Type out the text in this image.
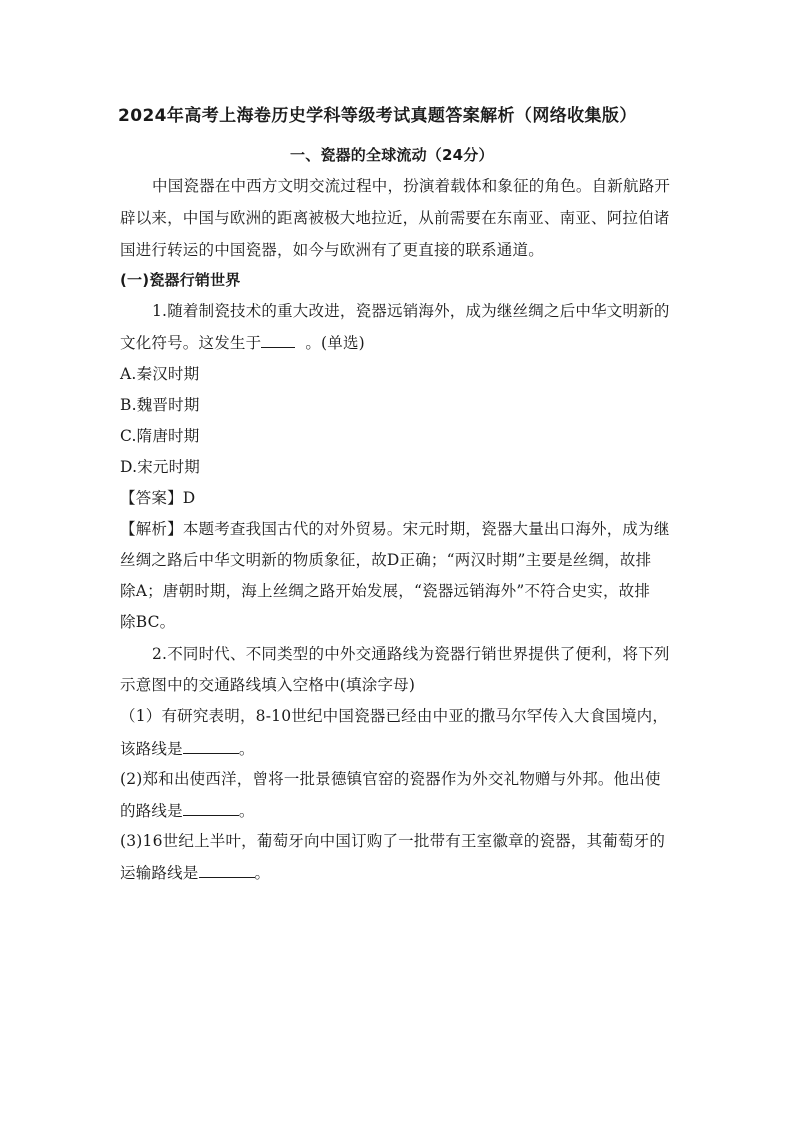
2024年高考上海卷历史学科等级考试真题答案解析（网络收集版）
一、瓷器的全球流动（24分）
中国瓷器在中西方文明交流过程中，扮演着载体和象征的角色。自新航路开
辟以来，中国与欧洲的距离被极大地拉近，从前需要在东南亚、南亚、阿拉伯诸
国进行转运的中国瓷器，如今与欧洲有了更直接的联系通道。
(一)瓷器行销世界
1.随着制瓷技术的重大改进，瓷器远销海外，成为继丝绸之后中华文明新的
文化符号。这发生于	。(单选)
A.秦汉时期
B.魏晋时期
C.隋唐时期
D.宋元时期
【答案】D
【解析】本题考查我国古代的对外贸易。宋元时期，瓷器大量出口海外，成为继
丝绸之路后中华文明新的物质象征，故D正确；“两汉时期”主要是丝绸，故排
除A；唐朝时期，海上丝绸之路开始发展，“瓷器远销海外”不符合史实，故排
除BC。
2.不同时代、不同类型的中外交通路线为瓷器行销世界提供了便利，将下列
示意图中的交通路线填入空格中(填涂字母)
（1）有研究表明，8-10世纪中国瓷器已经由中亚的撒马尔罕传入大食国境内，
该路线是	。
(2)郑和出使西洋，曾将一批景德镇官窑的瓷器作为外交礼物赠与外邦。他出使
的路线是	。
(3)16世纪上半叶，葡萄牙向中国订购了一批带有王室徽章的瓷器，其葡萄牙的
运输路线是	。
